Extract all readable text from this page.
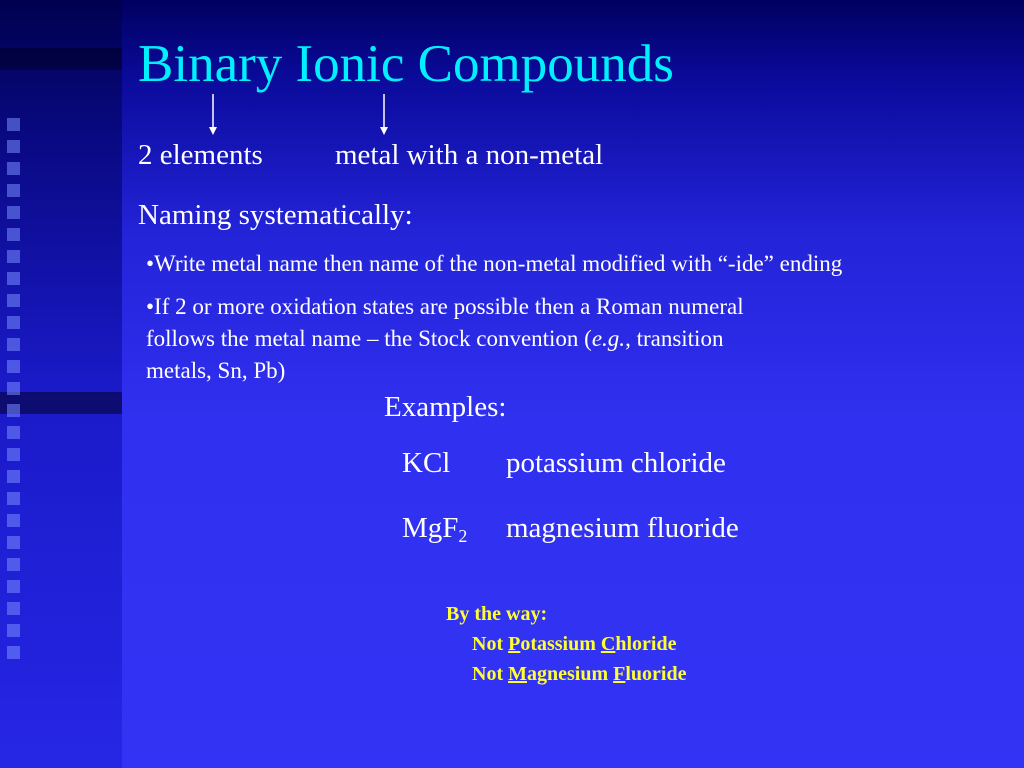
Binary Ionic Compounds
2 elements metal with a non-metal
Naming systematically:
•Write metal name then name of the non-metal modified with “-ide” ending
•If 2 or more oxidation states are possible then a Roman numeral
follows the metal name – the Stock convention (e.g., transition
metals, Sn, Pb)
Examples:
KCl potassium chloride
MgF$_2$ magnesium fluoride
By the way:
Not Potassium Chloride
Not Magnesium Fluoride
